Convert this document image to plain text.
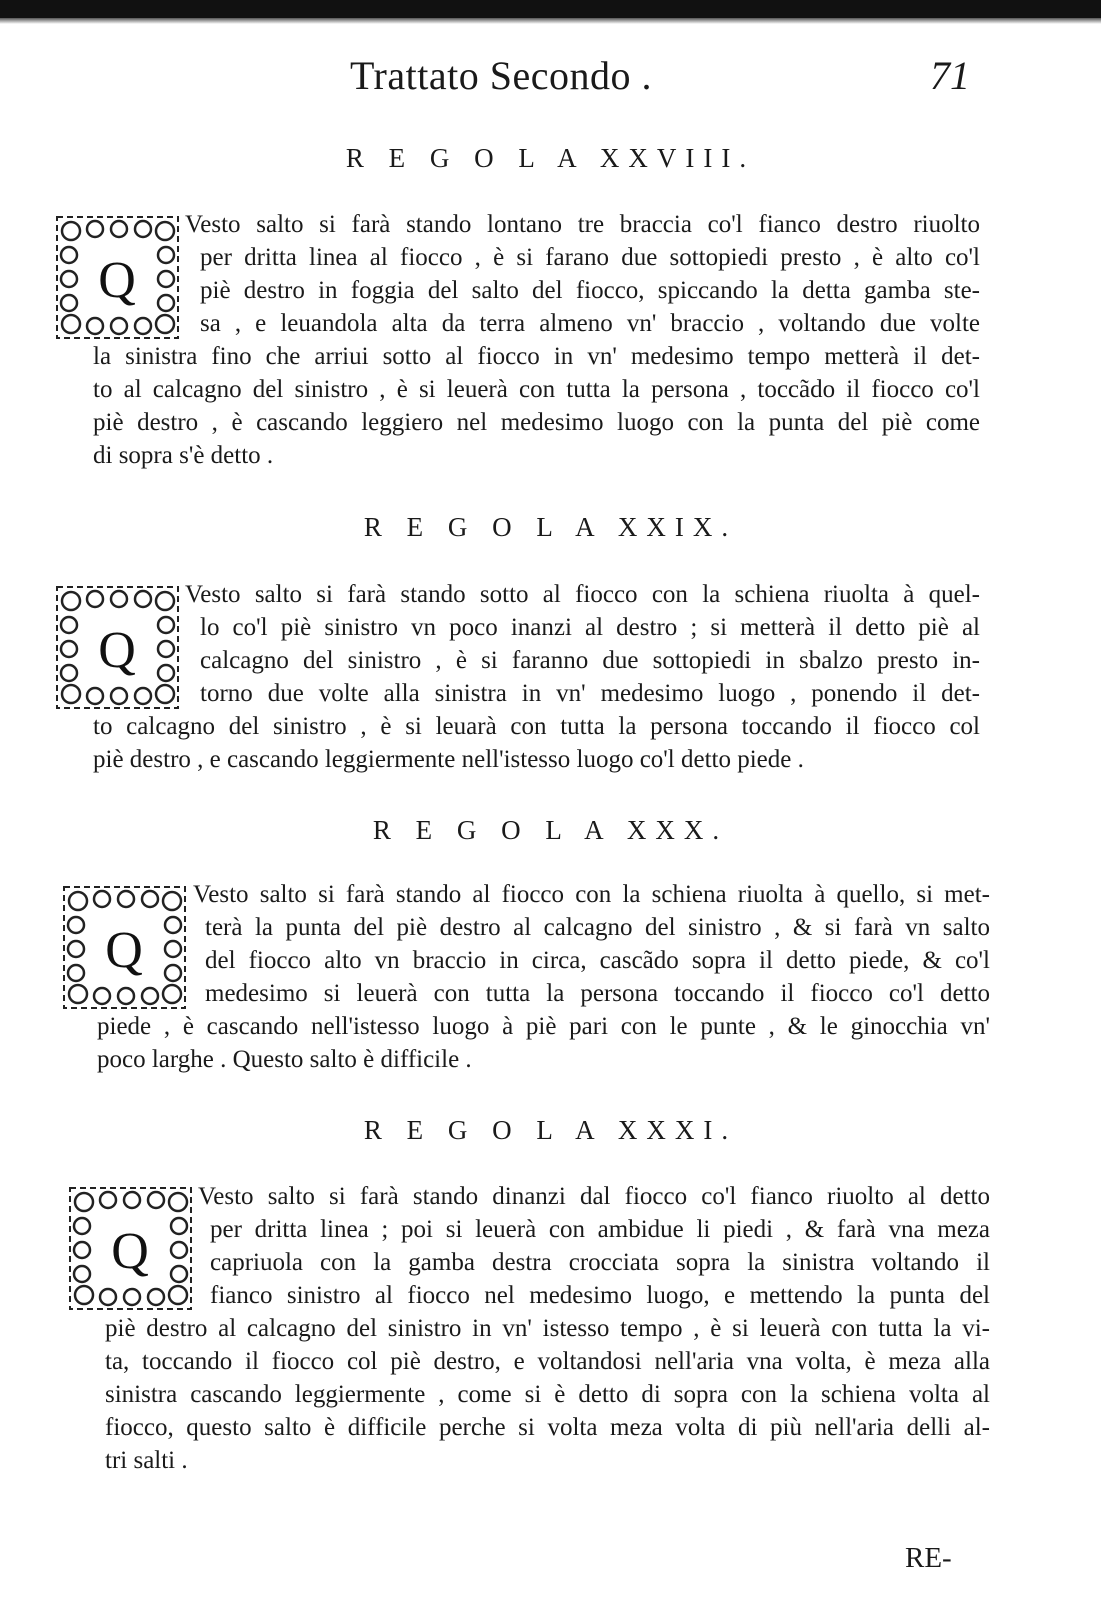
Trattato Secondo .	71
R E G O L A XXVIII.
Q
Vesto salto si farà stando lontano tre braccia co'l fianco destro riuolto
per dritta linea al fiocco , è si farano due sottopiedi presto , è alto co'l
piè destro in foggia del salto del fiocco, spiccando la detta gamba ste-
sa , e leuandola alta da terra almeno vn' braccio , voltando due volte
la sinistra fino che arriui sotto al fiocco in vn' medesimo tempo metterà il det-
to al calcagno del sinistro , è si leuerà con tutta la persona , toccãdo il fiocco co'l
piè destro , è cascando leggiero nel medesimo luogo con la punta del piè come
di sopra s'è detto .
R E G O L A XXIX.
Q
Vesto salto si farà stando sotto al fiocco con la schiena riuolta à quel-
lo co'l piè sinistro vn poco inanzi al destro ; si metterà il detto piè al
calcagno del sinistro , è si faranno due sottopiedi in sbalzo presto in-
torno due volte alla sinistra in vn' medesimo luogo , ponendo il det-
to calcagno del sinistro , è si leuarà con tutta la persona toccando il fiocco col
piè destro , e cascando leggiermente nell'istesso luogo co'l detto piede .
R E G O L A XXX.
Q
Vesto salto si farà stando al fiocco con la schiena riuolta à quello, si met-
terà la punta del piè destro al calcagno del sinistro , & si farà vn salto
del fiocco alto vn braccio in circa, cascãdo sopra il detto piede, & co'l
medesimo si leuerà con tutta la persona toccando il fiocco co'l detto
piede , è cascando nell'istesso luogo à piè pari con le punte , & le ginocchia vn'
poco larghe . Questo salto è difficile .
R E G O L A XXXI.
Q
Vesto salto si farà stando dinanzi dal fiocco co'l fianco riuolto al detto
per dritta linea ; poi si leuerà con ambidue li piedi , & farà vna meza
capriuola con la gamba destra crocciata sopra la sinistra voltando il
fianco sinistro al fiocco nel medesimo luogo, e mettendo la punta del
piè destro al calcagno del sinistro in vn' istesso tempo , è si leuerà con tutta la vi-
ta, toccando il fiocco col piè destro, e voltandosi nell'aria vna volta, è meza alla
sinistra cascando leggiermente , come si è detto di sopra con la schiena volta al
fiocco, questo salto è difficile perche si volta meza volta di più nell'aria delli al-
tri salti .
RE-
